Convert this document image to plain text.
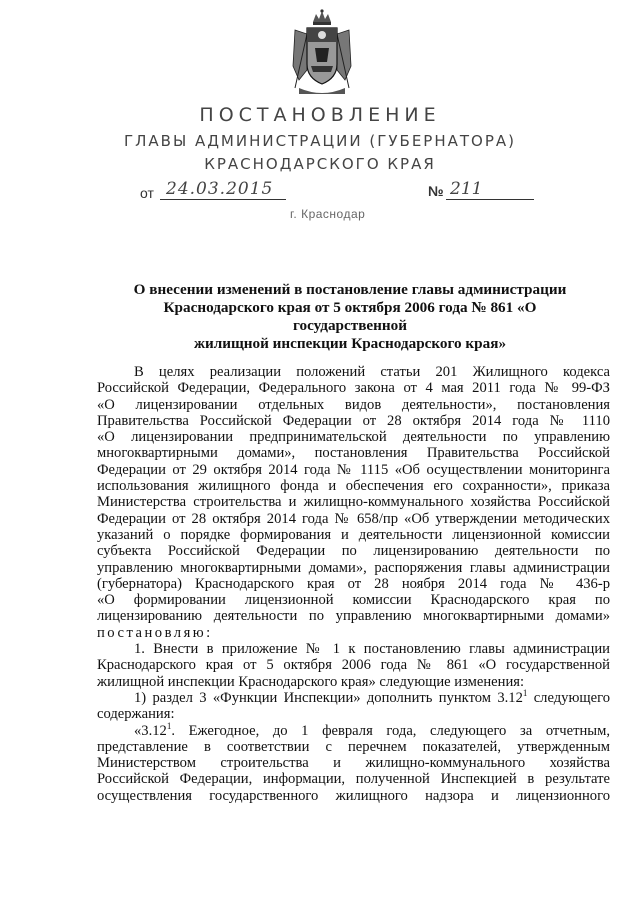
ПОСТАНОВЛЕНИЕ
ГЛАВЫ АДМИНИСТРАЦИИ (ГУБЕРНАТОРА)
КРАСНОДАРСКОГО КРАЯ
от 24.03.2015	№ 211
г. Краснодар
О внесении изменений в постановление главы администрации
Краснодарского края от 5 октября 2006 года № 861 «О государственной
жилищной инспекции Краснодарского края»

В целях реализации положений статьи 201 Жилищного кодекса

Российской Федерации, Федерального закона от 4 мая 2011 года № 99-ФЗ

«О лицензировании отдельных видов деятельности», постановления

Правительства Российской Федерации от 28 октября 2014 года № 1110

«О лицензировании предпринимательской деятельности по управлению

многоквартирными домами», постановления Правительства Российской

Федерации от 29 октября 2014 года № 1115 «Об осуществлении мониторинга

использования жилищного фонда и обеспечения его сохранности», приказа

Министерства строительства и жилищно-коммунального хозяйства Российской

Федерации от 28 октября 2014 года № 658/пр «Об утверждении методических

указаний о порядке формирования и деятельности лицензионной комиссии

субъекта Российской Федерации по лицензированию деятельности по

управлению многоквартирными домами», распоряжения главы администрации

(губернатора) Краснодарского края от 28 ноября 2014 года № 436-р

«О формировании лицензионной комиссии Краснодарского края по

лицензированию деятельности по управлению многоквартирными домами»

постановляю:

1. Внести в приложение № 1 к постановлению главы администрации

Краснодарского края от 5 октября 2006 года № 861 «О государственной

жилищной инспекции Краснодарского края» следующие изменения:

1) раздел 3 «Функции Инспекции» дополнить пунктом 3.12$^1$ следующего

содержания:

«3.12$^1$. Ежегодное, до 1 февраля года, следующего за отчетным,

представление в соответствии с перечнем показателей, утвержденным

Министерством строительства и жилищно-коммунального хозяйства

Российской Федерации, информации, полученной Инспекцией в результате

осуществления государственного жилищного надзора и лицензионного
